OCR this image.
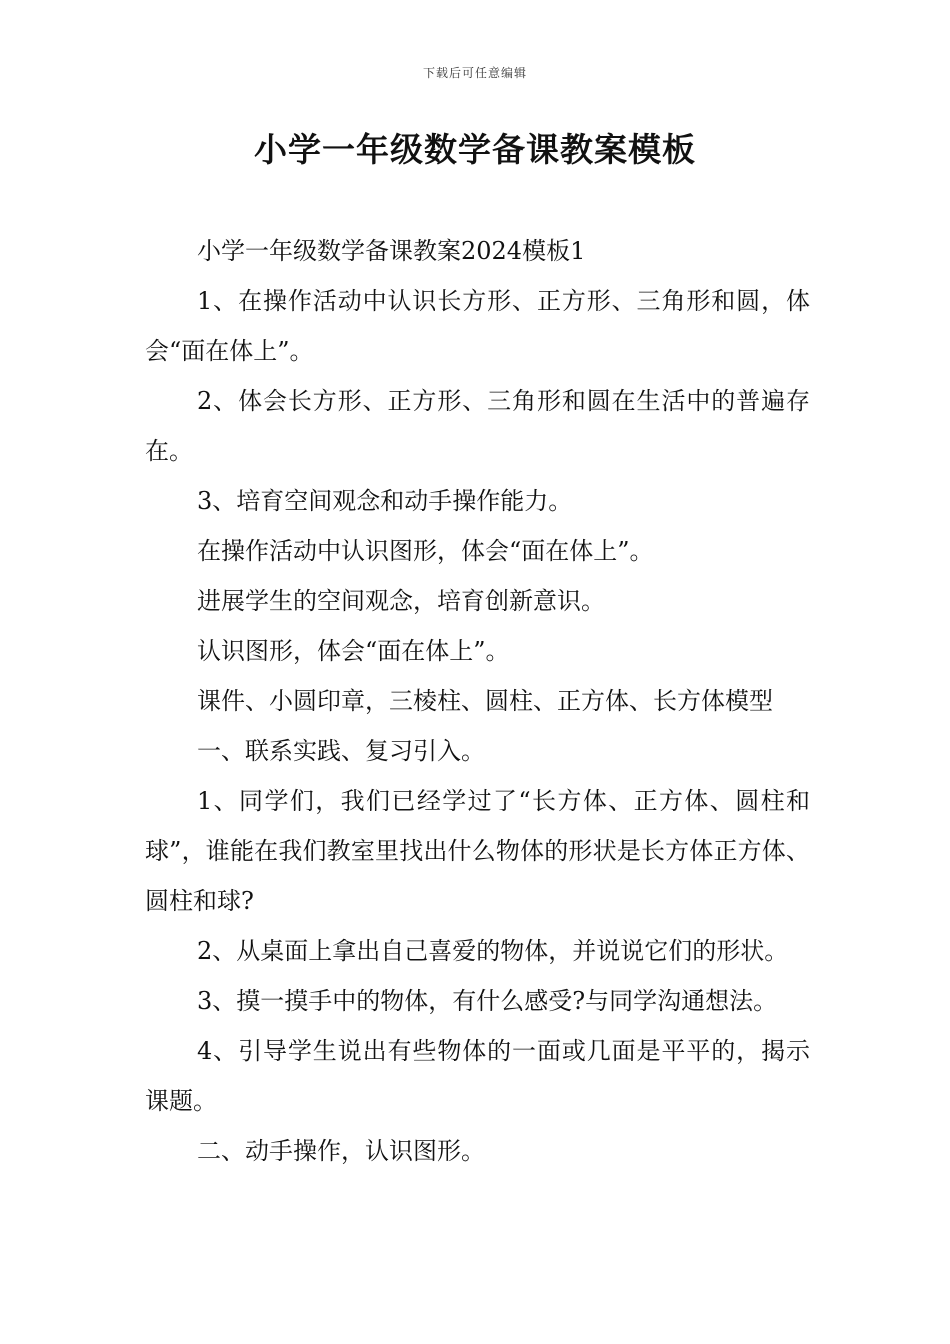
下载后可任意编辑
小学一年级数学备课教案模板

小学一年级数学备课教案2024模板1

1、在操作活动中认识长方形、正方形、三角形和圆，体会“面在体上”。

2、体会长方形、正方形、三角形和圆在生活中的普遍存在。

3、培育空间观念和动手操作能力。

在操作活动中认识图形，体会“面在体上”。

进展学生的空间观念，培育创新意识。

认识图形，体会“面在体上”。

课件、小圆印章，三棱柱、圆柱、正方体、长方体模型

一、联系实践、复习引入。

1、同学们，我们已经学过了“长方体、正方体、圆柱和球”，谁能在我们教室里找出什么物体的形状是长方体正方体、圆柱和球?

2、从桌面上拿出自己喜爱的物体，并说说它们的形状。

3、摸一摸手中的物体，有什么感受?与同学沟通想法。

4、引导学生说出有些物体的一面或几面是平平的，揭示课题。

二、动手操作，认识图形。
